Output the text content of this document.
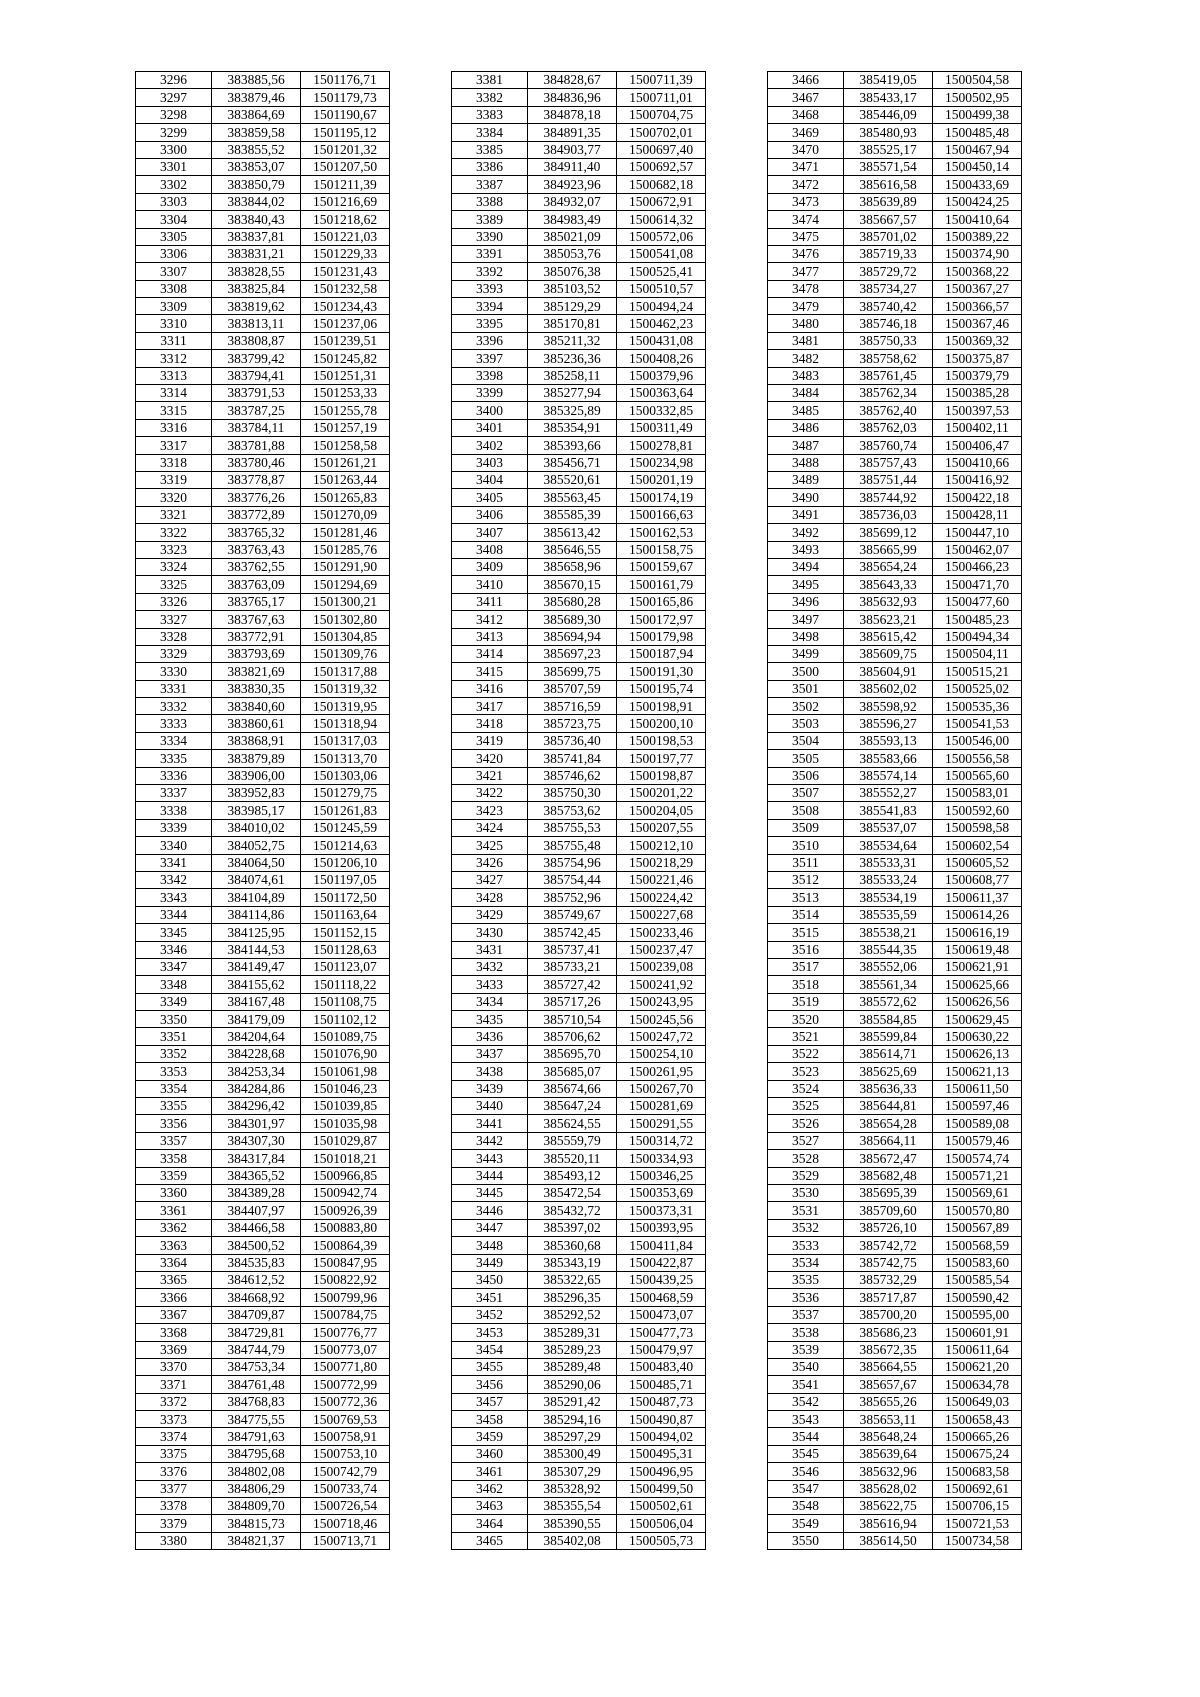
3296	383885,56	1501176,71
3297	383879,46	1501179,73
3298	383864,69	1501190,67
3299	383859,58	1501195,12
3300	383855,52	1501201,32
3301	383853,07	1501207,50
3302	383850,79	1501211,39
3303	383844,02	1501216,69
3304	383840,43	1501218,62
3305	383837,81	1501221,03
3306	383831,21	1501229,33
3307	383828,55	1501231,43
3308	383825,84	1501232,58
3309	383819,62	1501234,43
3310	383813,11	1501237,06
3311	383808,87	1501239,51
3312	383799,42	1501245,82
3313	383794,41	1501251,31
3314	383791,53	1501253,33
3315	383787,25	1501255,78
3316	383784,11	1501257,19
3317	383781,88	1501258,58
3318	383780,46	1501261,21
3319	383778,87	1501263,44
3320	383776,26	1501265,83
3321	383772,89	1501270,09
3322	383765,32	1501281,46
3323	383763,43	1501285,76
3324	383762,55	1501291,90
3325	383763,09	1501294,69
3326	383765,17	1501300,21
3327	383767,63	1501302,80
3328	383772,91	1501304,85
3329	383793,69	1501309,76
3330	383821,69	1501317,88
3331	383830,35	1501319,32
3332	383840,60	1501319,95
3333	383860,61	1501318,94
3334	383868,91	1501317,03
3335	383879,89	1501313,70
3336	383906,00	1501303,06
3337	383952,83	1501279,75
3338	383985,17	1501261,83
3339	384010,02	1501245,59
3340	384052,75	1501214,63
3341	384064,50	1501206,10
3342	384074,61	1501197,05
3343	384104,89	1501172,50
3344	384114,86	1501163,64
3345	384125,95	1501152,15
3346	384144,53	1501128,63
3347	384149,47	1501123,07
3348	384155,62	1501118,22
3349	384167,48	1501108,75
3350	384179,09	1501102,12
3351	384204,64	1501089,75
3352	384228,68	1501076,90
3353	384253,34	1501061,98
3354	384284,86	1501046,23
3355	384296,42	1501039,85
3356	384301,97	1501035,98
3357	384307,30	1501029,87
3358	384317,84	1501018,21
3359	384365,52	1500966,85
3360	384389,28	1500942,74
3361	384407,97	1500926,39
3362	384466,58	1500883,80
3363	384500,52	1500864,39
3364	384535,83	1500847,95
3365	384612,52	1500822,92
3366	384668,92	1500799,96
3367	384709,87	1500784,75
3368	384729,81	1500776,77
3369	384744,79	1500773,07
3370	384753,34	1500771,80
3371	384761,48	1500772,99
3372	384768,83	1500772,36
3373	384775,55	1500769,53
3374	384791,63	1500758,91
3375	384795,68	1500753,10
3376	384802,08	1500742,79
3377	384806,29	1500733,74
3378	384809,70	1500726,54
3379	384815,73	1500718,46
3380	384821,37	1500713,71
3381	384828,67	1500711,39
3382	384836,96	1500711,01
3383	384878,18	1500704,75
3384	384891,35	1500702,01
3385	384903,77	1500697,40
3386	384911,40	1500692,57
3387	384923,96	1500682,18
3388	384932,07	1500672,91
3389	384983,49	1500614,32
3390	385021,09	1500572,06
3391	385053,76	1500541,08
3392	385076,38	1500525,41
3393	385103,52	1500510,57
3394	385129,29	1500494,24
3395	385170,81	1500462,23
3396	385211,32	1500431,08
3397	385236,36	1500408,26
3398	385258,11	1500379,96
3399	385277,94	1500363,64
3400	385325,89	1500332,85
3401	385354,91	1500311,49
3402	385393,66	1500278,81
3403	385456,71	1500234,98
3404	385520,61	1500201,19
3405	385563,45	1500174,19
3406	385585,39	1500166,63
3407	385613,42	1500162,53
3408	385646,55	1500158,75
3409	385658,96	1500159,67
3410	385670,15	1500161,79
3411	385680,28	1500165,86
3412	385689,30	1500172,97
3413	385694,94	1500179,98
3414	385697,23	1500187,94
3415	385699,75	1500191,30
3416	385707,59	1500195,74
3417	385716,59	1500198,91
3418	385723,75	1500200,10
3419	385736,40	1500198,53
3420	385741,84	1500197,77
3421	385746,62	1500198,87
3422	385750,30	1500201,22
3423	385753,62	1500204,05
3424	385755,53	1500207,55
3425	385755,48	1500212,10
3426	385754,96	1500218,29
3427	385754,44	1500221,46
3428	385752,96	1500224,42
3429	385749,67	1500227,68
3430	385742,45	1500233,46
3431	385737,41	1500237,47
3432	385733,21	1500239,08
3433	385727,42	1500241,92
3434	385717,26	1500243,95
3435	385710,54	1500245,56
3436	385706,62	1500247,72
3437	385695,70	1500254,10
3438	385685,07	1500261,95
3439	385674,66	1500267,70
3440	385647,24	1500281,69
3441	385624,55	1500291,55
3442	385559,79	1500314,72
3443	385520,11	1500334,93
3444	385493,12	1500346,25
3445	385472,54	1500353,69
3446	385432,72	1500373,31
3447	385397,02	1500393,95
3448	385360,68	1500411,84
3449	385343,19	1500422,87
3450	385322,65	1500439,25
3451	385296,35	1500468,59
3452	385292,52	1500473,07
3453	385289,31	1500477,73
3454	385289,23	1500479,97
3455	385289,48	1500483,40
3456	385290,06	1500485,71
3457	385291,42	1500487,73
3458	385294,16	1500490,87
3459	385297,29	1500494,02
3460	385300,49	1500495,31
3461	385307,29	1500496,95
3462	385328,92	1500499,50
3463	385355,54	1500502,61
3464	385390,55	1500506,04
3465	385402,08	1500505,73
3466	385419,05	1500504,58
3467	385433,17	1500502,95
3468	385446,09	1500499,38
3469	385480,93	1500485,48
3470	385525,17	1500467,94
3471	385571,54	1500450,14
3472	385616,58	1500433,69
3473	385639,89	1500424,25
3474	385667,57	1500410,64
3475	385701,02	1500389,22
3476	385719,33	1500374,90
3477	385729,72	1500368,22
3478	385734,27	1500367,27
3479	385740,42	1500366,57
3480	385746,18	1500367,46
3481	385750,33	1500369,32
3482	385758,62	1500375,87
3483	385761,45	1500379,79
3484	385762,34	1500385,28
3485	385762,40	1500397,53
3486	385762,03	1500402,11
3487	385760,74	1500406,47
3488	385757,43	1500410,66
3489	385751,44	1500416,92
3490	385744,92	1500422,18
3491	385736,03	1500428,11
3492	385699,12	1500447,10
3493	385665,99	1500462,07
3494	385654,24	1500466,23
3495	385643,33	1500471,70
3496	385632,93	1500477,60
3497	385623,21	1500485,23
3498	385615,42	1500494,34
3499	385609,75	1500504,11
3500	385604,91	1500515,21
3501	385602,02	1500525,02
3502	385598,92	1500535,36
3503	385596,27	1500541,53
3504	385593,13	1500546,00
3505	385583,66	1500556,58
3506	385574,14	1500565,60
3507	385552,27	1500583,01
3508	385541,83	1500592,60
3509	385537,07	1500598,58
3510	385534,64	1500602,54
3511	385533,31	1500605,52
3512	385533,24	1500608,77
3513	385534,19	1500611,37
3514	385535,59	1500614,26
3515	385538,21	1500616,19
3516	385544,35	1500619,48
3517	385552,06	1500621,91
3518	385561,34	1500625,66
3519	385572,62	1500626,56
3520	385584,85	1500629,45
3521	385599,84	1500630,22
3522	385614,71	1500626,13
3523	385625,69	1500621,13
3524	385636,33	1500611,50
3525	385644,81	1500597,46
3526	385654,28	1500589,08
3527	385664,11	1500579,46
3528	385672,47	1500574,74
3529	385682,48	1500571,21
3530	385695,39	1500569,61
3531	385709,60	1500570,80
3532	385726,10	1500567,89
3533	385742,72	1500568,59
3534	385742,75	1500583,60
3535	385732,29	1500585,54
3536	385717,87	1500590,42
3537	385700,20	1500595,00
3538	385686,23	1500601,91
3539	385672,35	1500611,64
3540	385664,55	1500621,20
3541	385657,67	1500634,78
3542	385655,26	1500649,03
3543	385653,11	1500658,43
3544	385648,24	1500665,26
3545	385639,64	1500675,24
3546	385632,96	1500683,58
3547	385628,02	1500692,61
3548	385622,75	1500706,15
3549	385616,94	1500721,53
3550	385614,50	1500734,58
